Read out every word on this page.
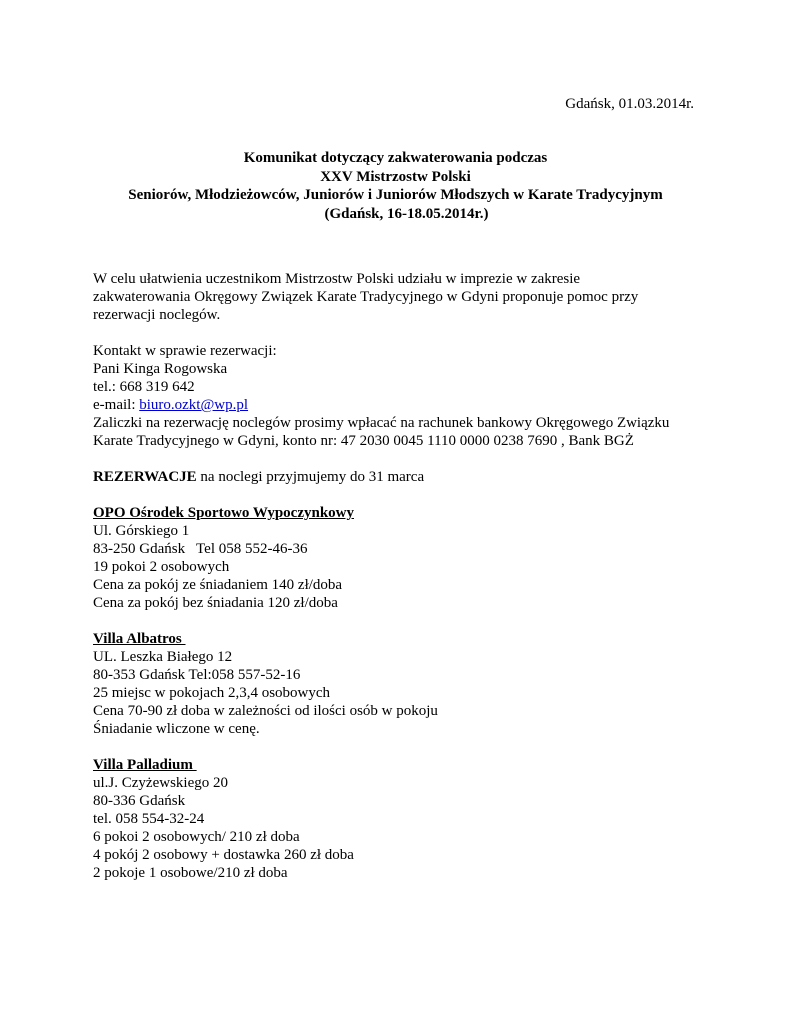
Gdańsk, 01.03.2014r.
Komunikat dotyczący zakwaterowania podczas
XXV Mistrzostw Polski
Seniorów, Młodzieżowców, Juniorów i Juniorów Młodszych w Karate Tradycyjnym
(Gdańsk, 16-18.05.2014r.)
W celu ułatwienia uczestnikom Mistrzostw Polski udziału w imprezie w zakresie
zakwaterowania Okręgowy Związek Karate Tradycyjnego w Gdyni proponuje pomoc przy
rezerwacji noclegów.
Kontakt w sprawie rezerwacji:
Pani Kinga Rogowska
tel.: 668 319 642
e-mail: biuro.ozkt@wp.pl
Zaliczki na rezerwację noclegów prosimy wpłacać na rachunek bankowy Okręgowego Związku
Karate Tradycyjnego w Gdyni, konto nr: 47 2030 0045 1110 0000 0238 7690 , Bank BGŻ
REZERWACJE na noclegi przyjmujemy do 31 marca
OPO Ośrodek Sportowo Wypoczynkowy
Ul. Górskiego 1
83-250 Gdańsk   Tel 058 552-46-36
19 pokoi 2 osobowych
Cena za pokój ze śniadaniem 140 zł/doba
Cena za pokój bez śniadania 120 zł/doba
Villa Albatros
UL. Leszka Białego 12
80-353 Gdańsk Tel:058 557-52-16
25 miejsc w pokojach 2,3,4 osobowych
Cena 70-90 zł doba w zależności od ilości osób w pokoju
Śniadanie wliczone w cenę.
Villa Palladium
ul.J. Czyżewskiego 20
80-336 Gdańsk
tel. 058 554-32-24
6 pokoi 2 osobowych/ 210 zł doba
4 pokój 2 osobowy + dostawka 260 zł doba
2 pokoje 1 osobowe/210 zł doba
